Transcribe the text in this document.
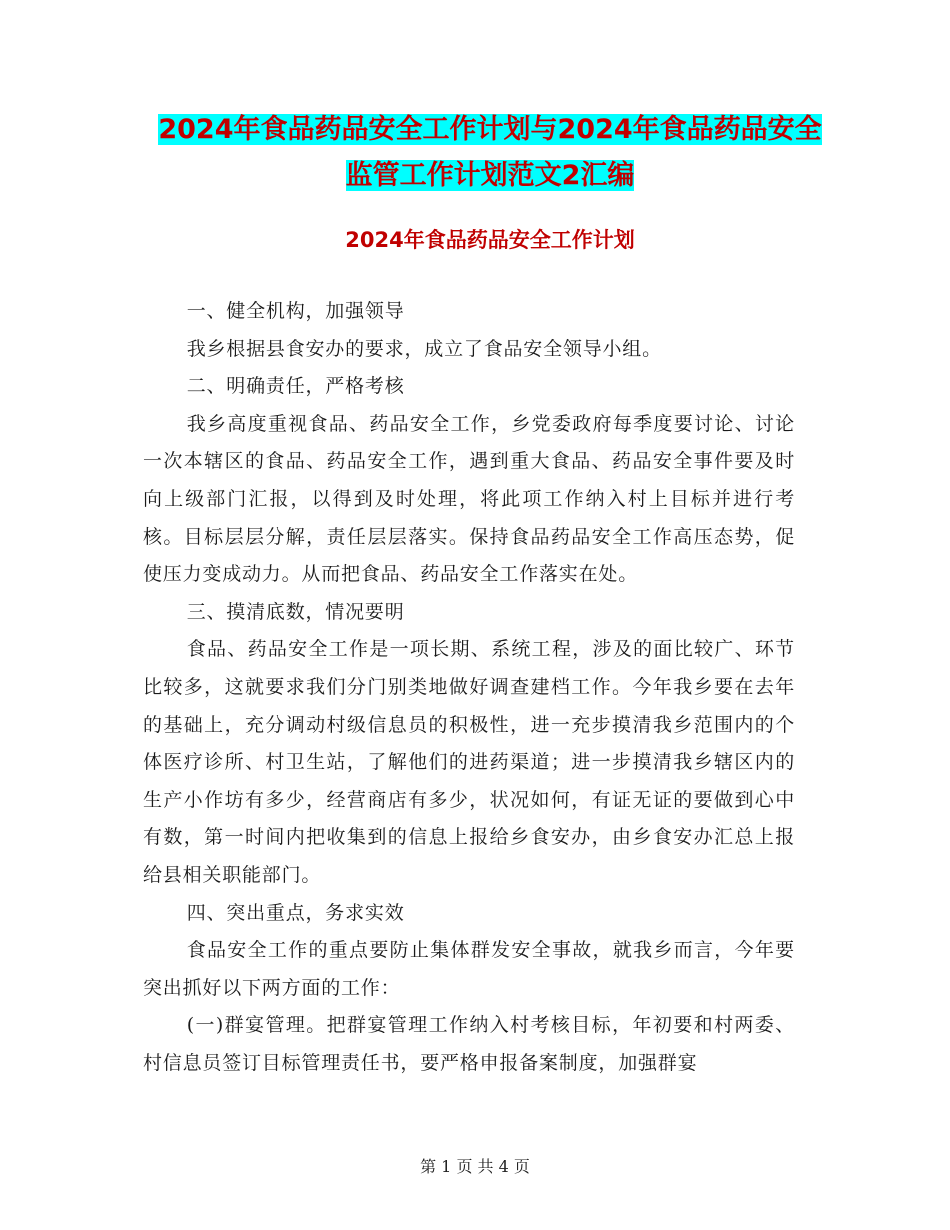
2024年食品药品安全工作计划与2024年食品药品安全
监管工作计划范文2汇编
2024年食品药品安全工作计划

一、健全机构，加强领导

我乡根据县食安办的要求，成立了食品安全领导小组。

二、明确责任，严格考核

我乡高度重视食品、药品安全工作，乡党委政府每季度要讨论、讨论一次本辖区的食品、药品安全工作，遇到重大食品、药品安全事件要及时向上级部门汇报，以得到及时处理，将此项工作纳入村上目标并进行考核。目标层层分解，责任层层落实。保持食品药品安全工作高压态势，促使压力变成动力。从而把食品、药品安全工作落实在处。

三、摸清底数，情况要明

食品、药品安全工作是一项长期、系统工程，涉及的面比较广、环节比较多，这就要求我们分门别类地做好调查建档工作。今年我乡要在去年的基础上，充分调动村级信息员的积极性，进一充步摸清我乡范围内的个体医疗诊所、村卫生站，了解他们的进药渠道；进一步摸清我乡辖区内的生产小作坊有多少，经营商店有多少，状况如何，有证无证的要做到心中有数，第一时间内把收集到的信息上报给乡食安办，由乡食安办汇总上报给县相关职能部门。

四、突出重点，务求实效

食品安全工作的重点要防止集体群发安全事故，就我乡而言，今年要突出抓好以下两方面的工作：

(一)群宴管理。把群宴管理工作纳入村考核目标，年初要和村两委、村信息员签订目标管理责任书，要严格申报备案制度，加强群宴

第 1 页 共 4 页
